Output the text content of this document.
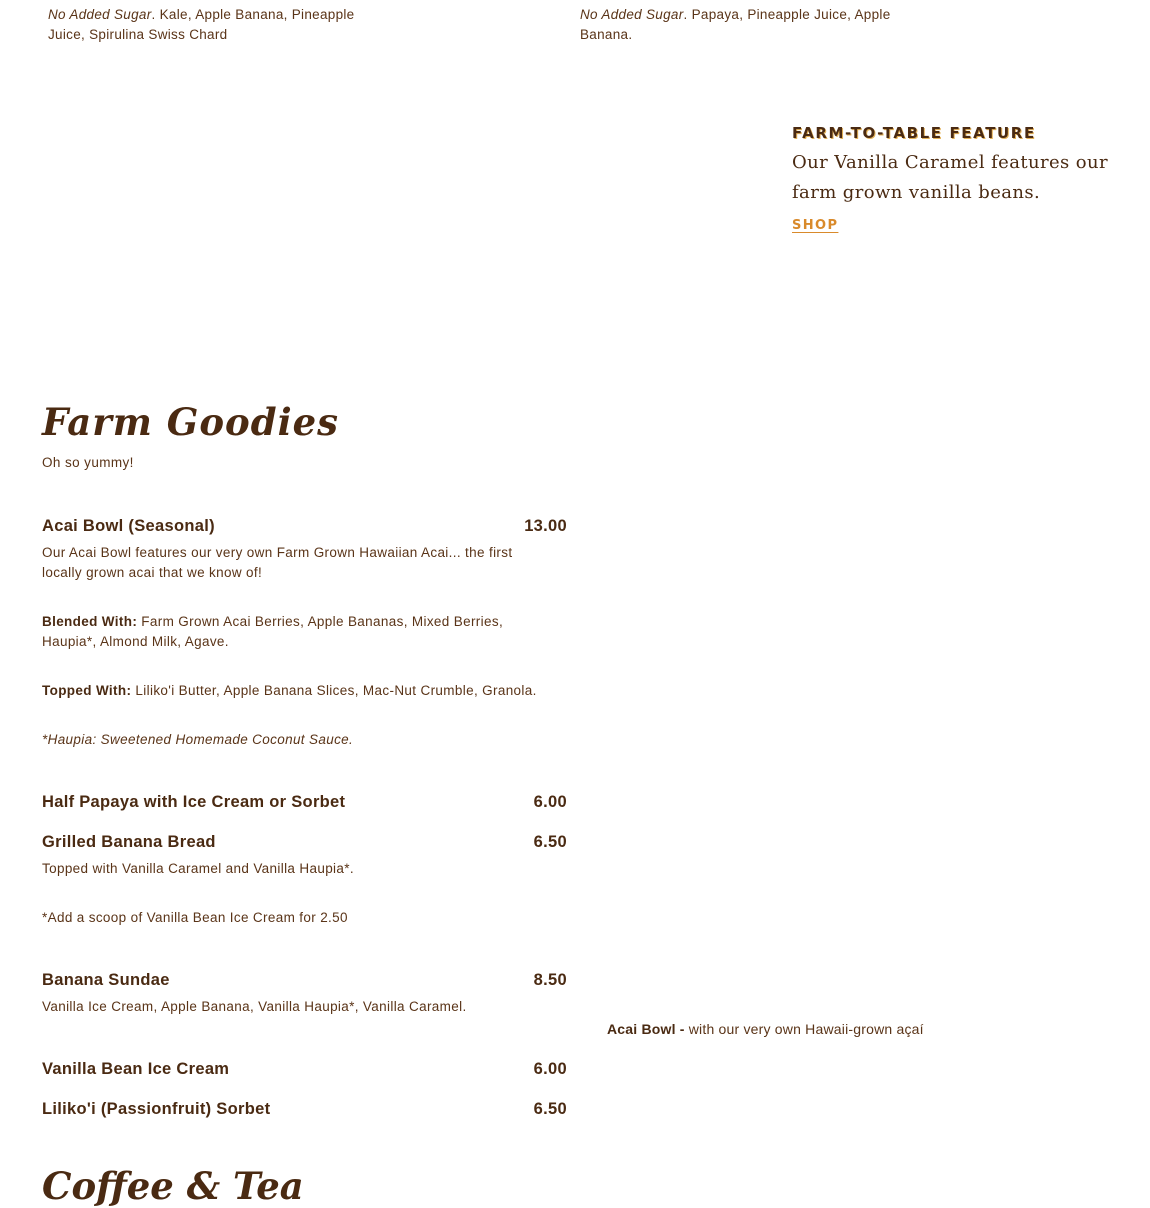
No Added Sugar. Kale, Apple Banana, Pineapple
Juice, Spirulina Swiss Chard
No Added Sugar. Papaya, Pineapple Juice, Apple
Banana.
FARM-TO-TABLE FEATURE
Our Vanilla Caramel features our
farm grown vanilla beans.
SHOP
Farm Goodies
Oh so yummy!
Acai Bowl (Seasonal)	13.00
Our Acai Bowl features our very own Farm Grown Hawaiian Acai... the first
locally grown acai that we know of!
Blended With: Farm Grown Acai Berries, Apple Bananas, Mixed Berries,
Haupia*, Almond Milk, Agave.
Topped With: Liliko'i Butter, Apple Banana Slices, Mac-Nut Crumble, Granola.
*Haupia: Sweetened Homemade Coconut Sauce.
Half Papaya with Ice Cream or Sorbet	6.00
Grilled Banana Bread	6.50
Topped with Vanilla Caramel and Vanilla Haupia*.
*Add a scoop of Vanilla Bean Ice Cream for 2.50
Banana Sundae	8.50
Vanilla Ice Cream, Apple Banana, Vanilla Haupia*, Vanilla Caramel.
Vanilla Bean Ice Cream	6.00
Liliko'i (Passionfruit) Sorbet	6.50
Acai Bowl - with our very own Hawaii-grown açaí
Coffee & Tea
